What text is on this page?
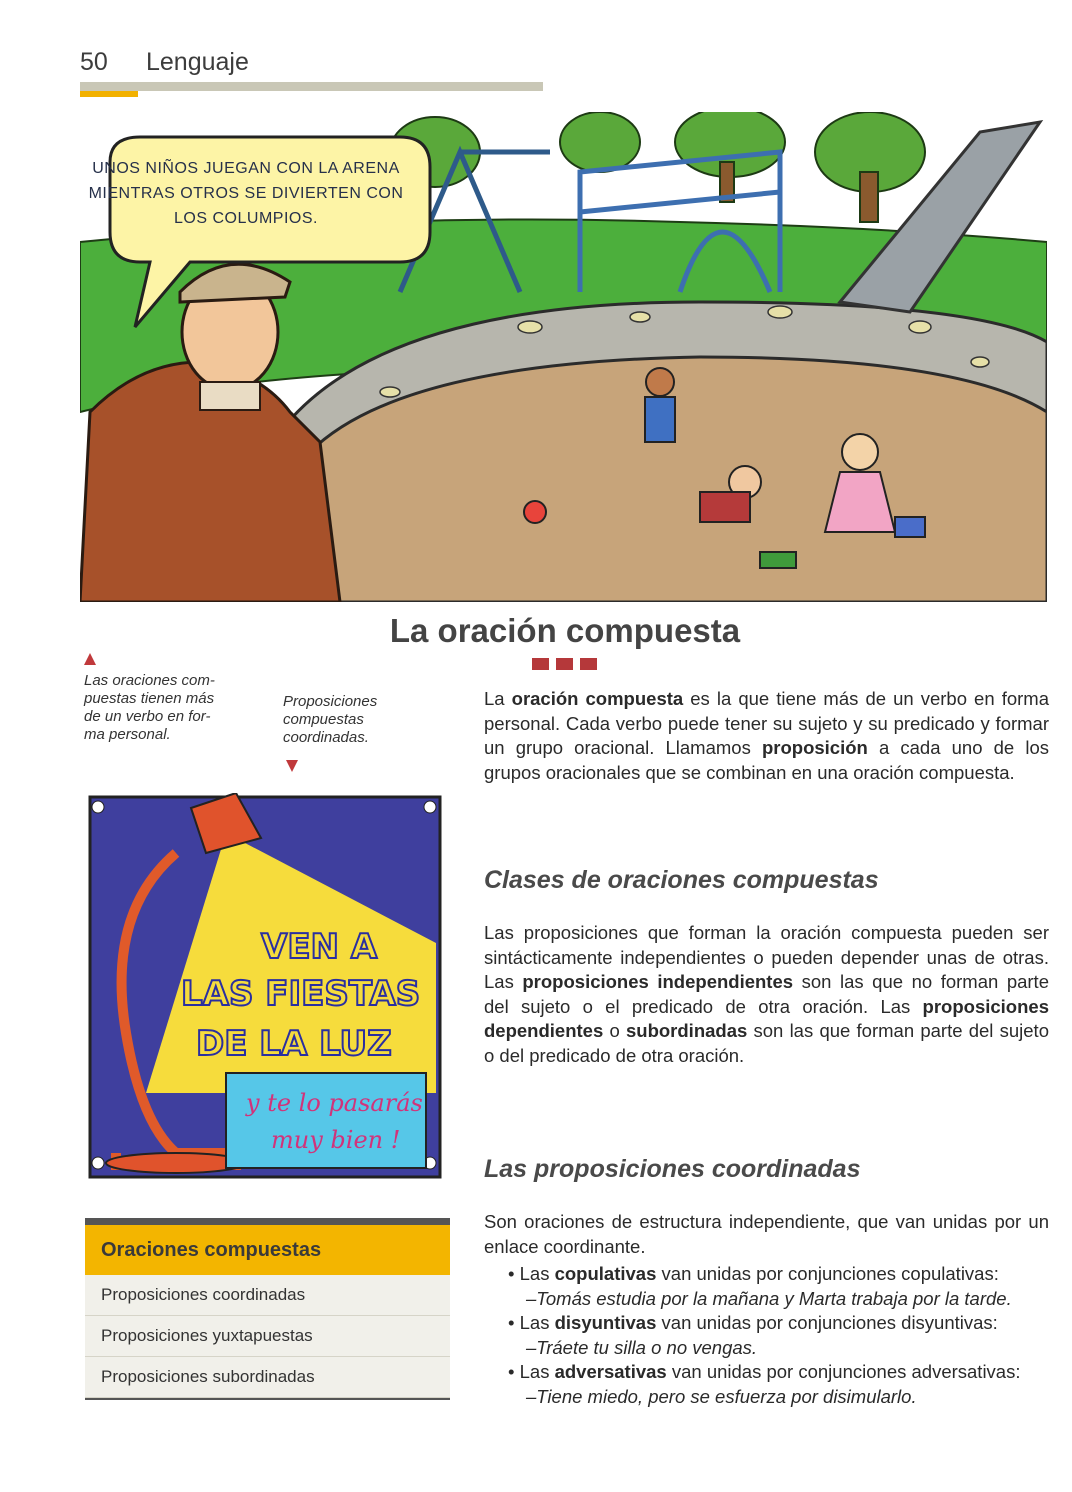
50 Lenguaje
UNOS NIÑOS JUEGAN CON LA ARENA MIENTRAS OTROS SE DIVIERTEN CON LOS COLUMPIOS.
La oración compuesta
Las oraciones com-
puestas tienen más
de un verbo en for-
ma personal.
Proposiciones
compuestas
coordinadas.
VEN A
LAS FIESTAS
DE LA LUZ
y te lo pasarás
muy bien !
Oraciones compuestas
Proposiciones coordinadas
Proposiciones yuxtapuestas
Proposiciones subordinadas
La oración compuesta es la que tiene más de un verbo en forma personal. Cada verbo puede tener su sujeto y su predicado y formar un grupo oracional. Llamamos proposición a cada uno de los grupos oracionales que se combinan en una oración compuesta.
Clases de oraciones compuestas
Las proposiciones que forman la oración compuesta pueden ser sintácticamente independientes o pueden depender unas de otras. Las proposiciones independientes son las que no forman parte del sujeto o el predicado de otra oración. Las proposiciones dependientes o subordinadas son las que forman parte del sujeto o del predicado de otra oración.
Las proposiciones coordinadas
Son oraciones de estructura independiente, que van unidas por un enlace coordinante.
• Las copulativas van unidas por conjunciones copulativas:
–Tomás estudia por la mañana y Marta trabaja por la tarde.
• Las disyuntivas van unidas por conjunciones disyuntivas:
–Tráete tu silla o no vengas.
• Las adversativas van unidas por conjunciones adversativas:
–Tiene miedo, pero se esfuerza por disimularlo.
